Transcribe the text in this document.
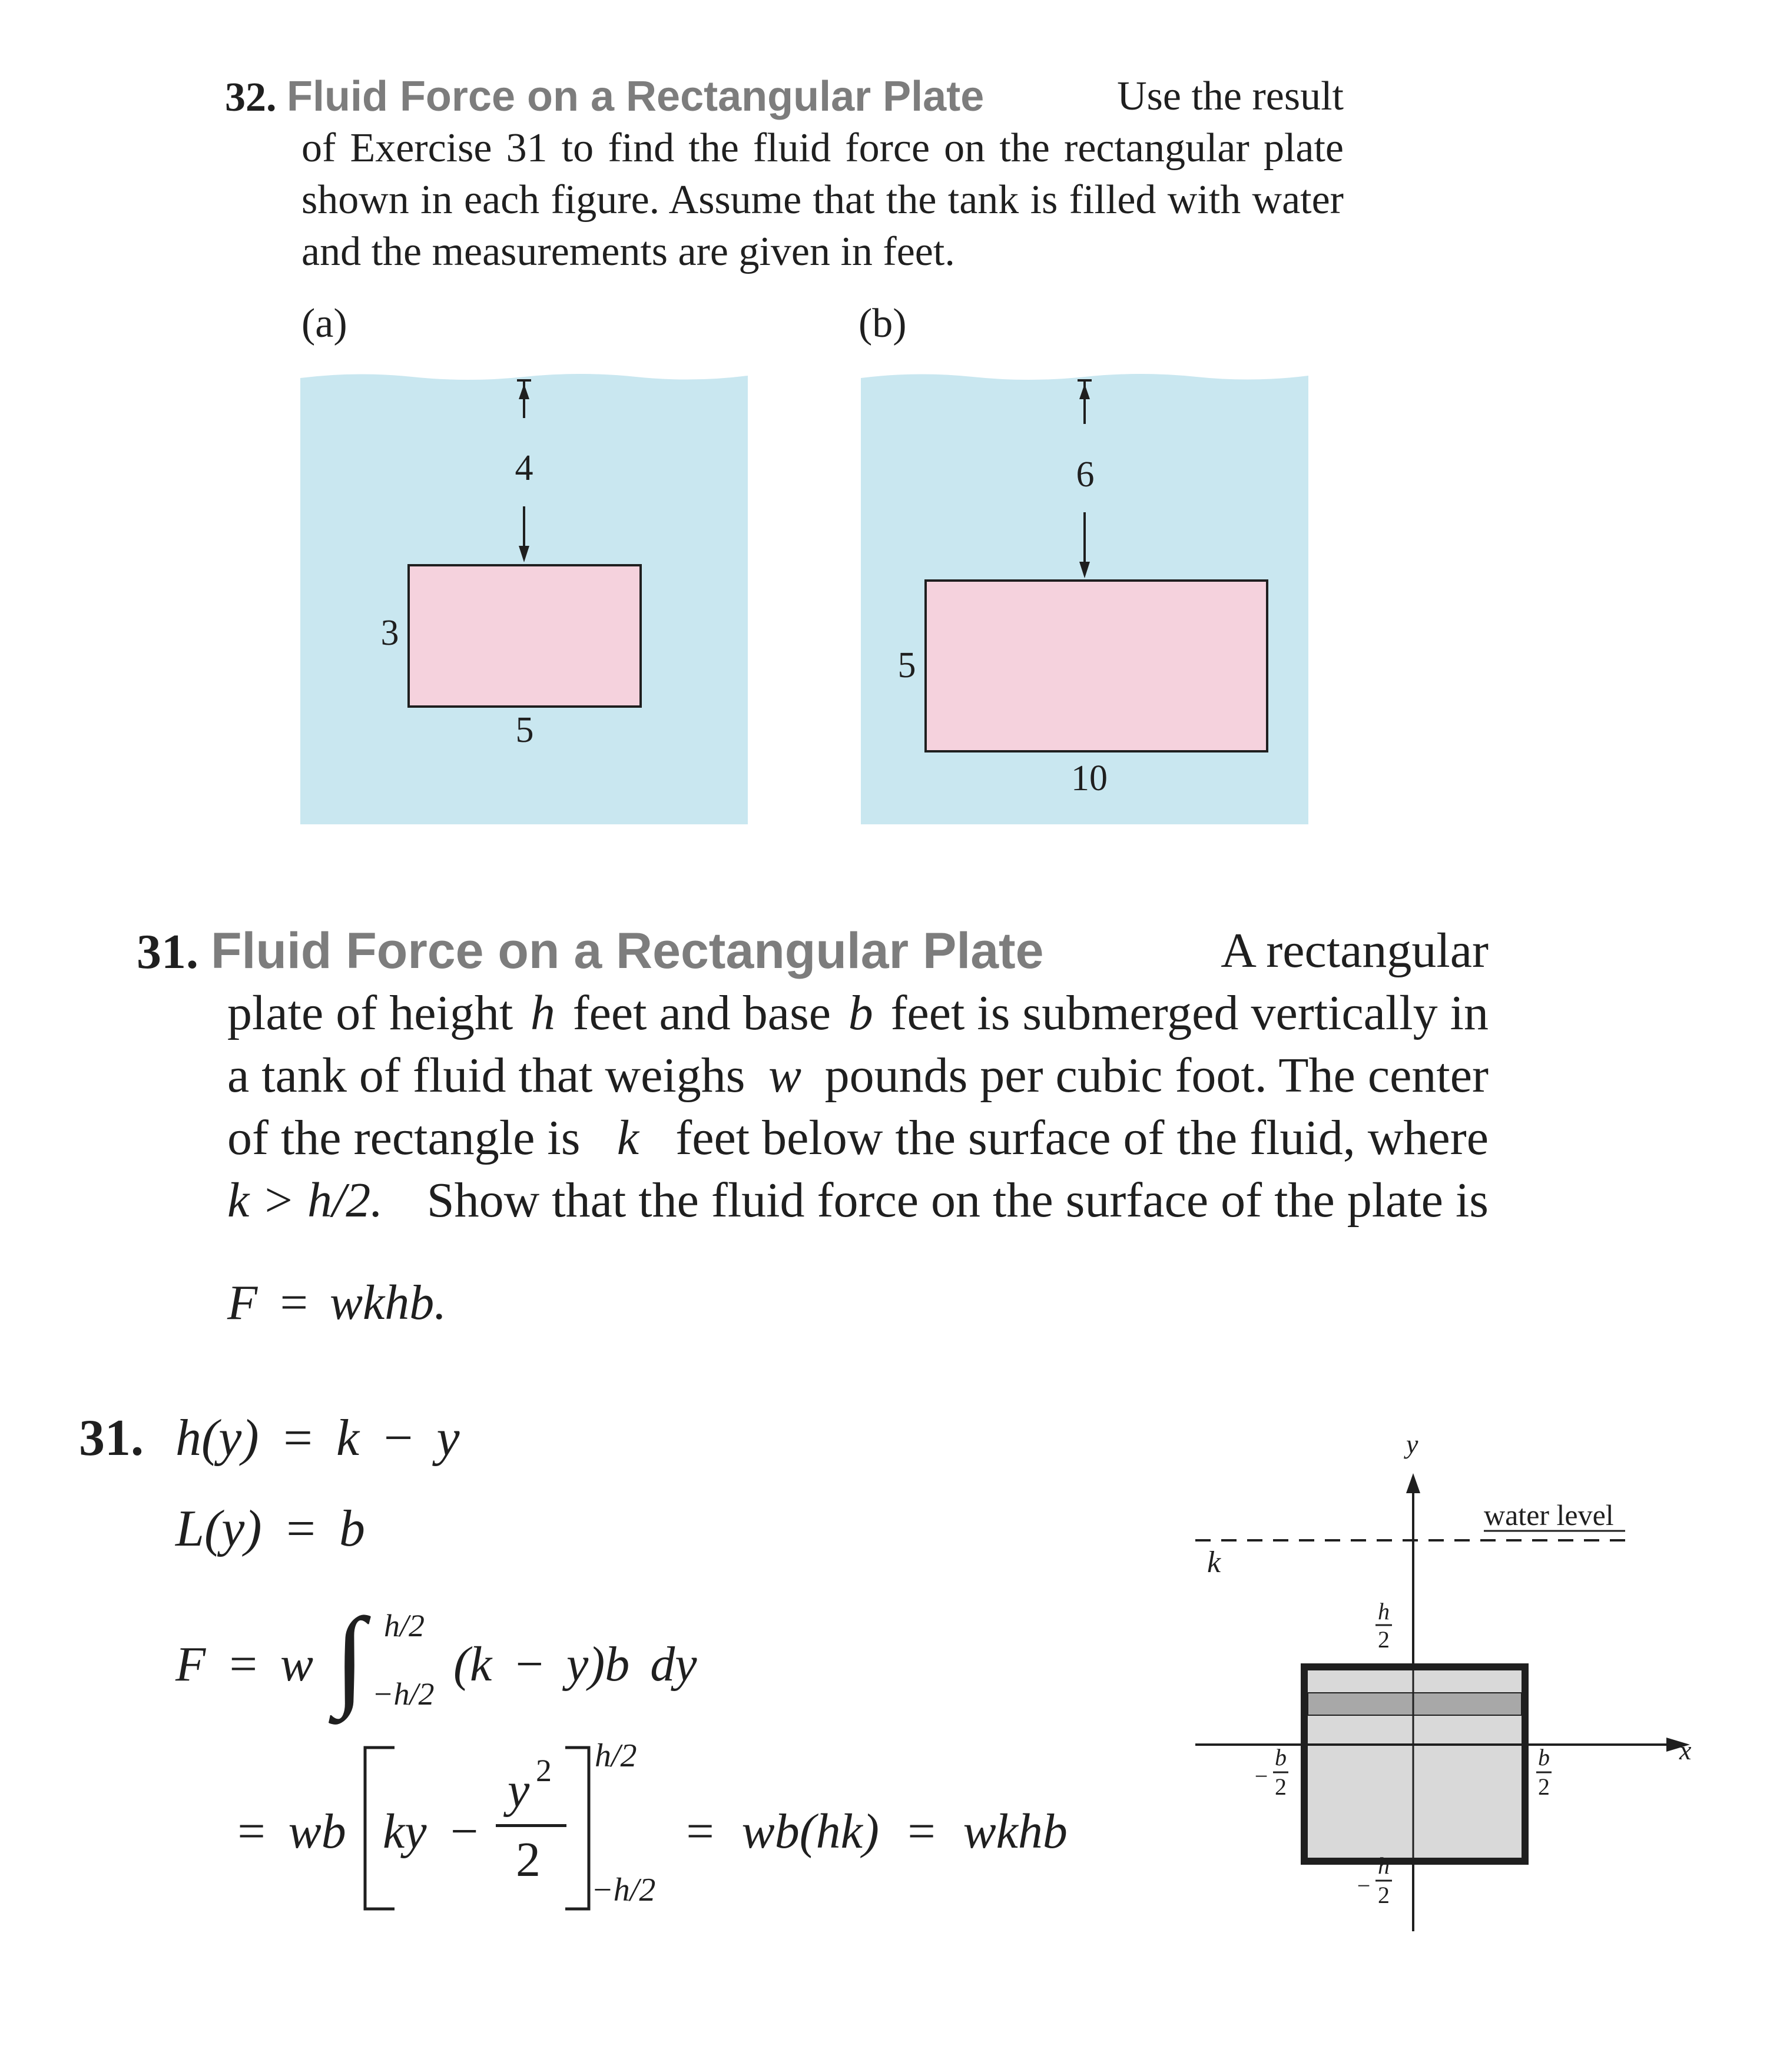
32. Fluid Force on a Rectangular Plate	Use the result
of Exercise 31 to find the fluid force on the rectangular plate
shown in each figure. Assume that the tank is filled with water
and the measurements are given in feet.
(a)	(b)
4
3
5
6
5
10
31. Fluid Force on a Rectangular Plate	A rectangular
plate of height h feet and base b feet is submerged vertically in
a tank of fluid that weighs w pounds per cubic foot. The center
of the rectangle is k feet below the surface of the fluid, where
k > h/2. Show that the fluid force on the surface of the plate is
F = wkhb.
31. h(y) = k − y
L(y) = b
F = w ∫ h/2
−h/2
(k − y)b dy
= wb ky −
y 2
2
h/2
−h/2
= wb(hk) = wkhb
water level
k
y
x
h
2
−
b
2
b
2
−
h
2
